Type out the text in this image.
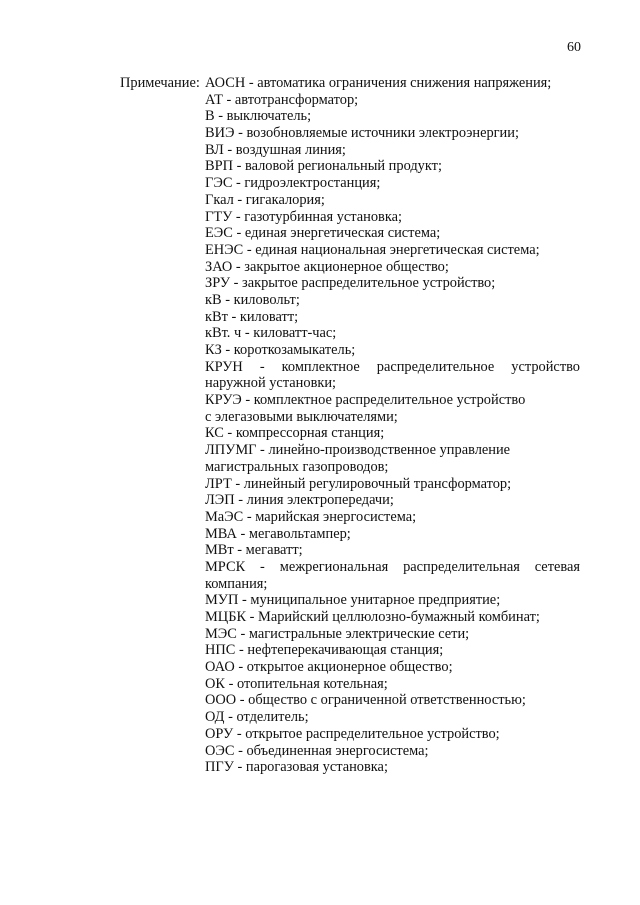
60
Примечание: АОСН - автоматика ограничения снижения напряжения;
АТ - автотрансформатор;
В - выключатель;
ВИЭ - возобновляемые источники электроэнергии;
ВЛ - воздушная линия;
ВРП - валовой региональный продукт;
ГЭС - гидроэлектростанция;
Гкал - гигакалория;
ГТУ - газотурбинная установка;
ЕЭС - единая энергетическая система;
ЕНЭС - единая национальная энергетическая система;
ЗАО - закрытое акционерное общество;
ЗРУ - закрытое распределительное устройство;
кВ - киловольт;
кВт - киловатт;
кВт. ч - киловатт-час;
КЗ - короткозамыкатель;
КРУН - комплектное распределительное устройство
наружной установки;
КРУЭ - комплектное распределительное устройство
с элегазовыми выключателями;
КС - компрессорная станция;
ЛПУМГ - линейно-производственное управление
магистральных газопроводов;
ЛРТ - линейный регулировочный трансформатор;
ЛЭП - линия электропередачи;
МаЭС - марийская энергосистема;
МВА - мегавольтампер;
МВт - мегаватт;
МРСК - межрегиональная распределительная сетевая
компания;
МУП - муниципальное унитарное предприятие;
МЦБК - Марийский целлюлозно-бумажный комбинат;
МЭС - магистральные электрические сети;
НПС - нефтеперекачивающая станция;
ОАО - открытое акционерное общество;
ОК - отопительная котельная;
ООО - общество с ограниченной ответственностью;
ОД - отделитель;
ОРУ - открытое распределительное устройство;
ОЭС - объединенная энергосистема;
ПГУ - парогазовая установка;
